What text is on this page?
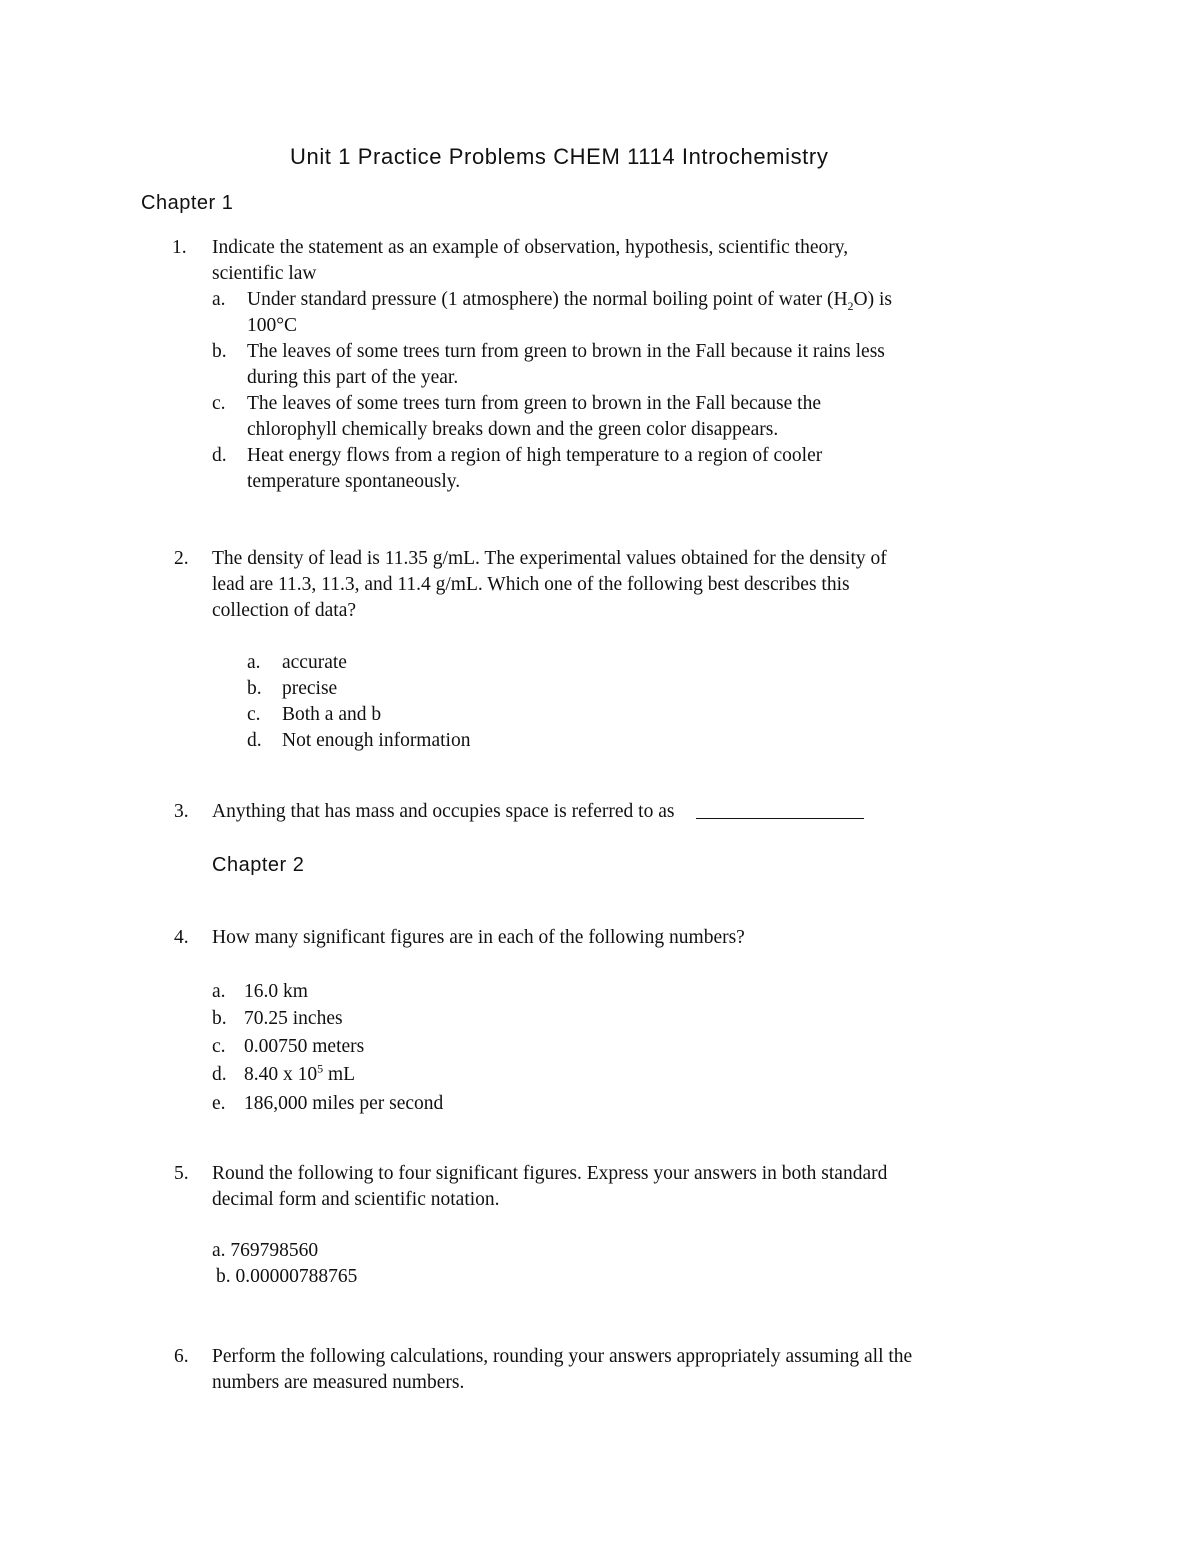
Unit 1 Practice Problems CHEM 1114 Introchemistry
Chapter 1
1. Indicate the statement as an example of observation, hypothesis, scientific theory,
scientific law
a. Under standard pressure (1 atmosphere) the normal boiling point of water $(H_2O)$ is
100°C
b. The leaves of some trees turn from green to brown in the Fall because it rains less
during this part of the year.
c. The leaves of some trees turn from green to brown in the Fall because the
chlorophyll chemically breaks down and the green color disappears.
d. Heat energy flows from a region of high temperature to a region of cooler
temperature spontaneously.
2. The density of lead is 11.35 g/mL. The experimental values obtained for the density of
lead are 11.3, 11.3, and 11.4 g/mL. Which one of the following best describes this
collection of data?
a. accurate
b. precise
c. Both a and b
d. Not enough information
3. Anything that has mass and occupies space is referred to as
Chapter 2
4. How many significant figures are in each of the following numbers?
a. 16.0 km
b. 70.25 inches
c. 0.00750 meters
d. 8.40 x $10^5$ mL
e. 186,000 miles per second
5. Round the following to four significant figures. Express your answers in both standard
decimal form and scientific notation.
a. 769798560
b. 0.00000788765
6. Perform the following calculations, rounding your answers appropriately assuming all the
numbers are measured numbers.
